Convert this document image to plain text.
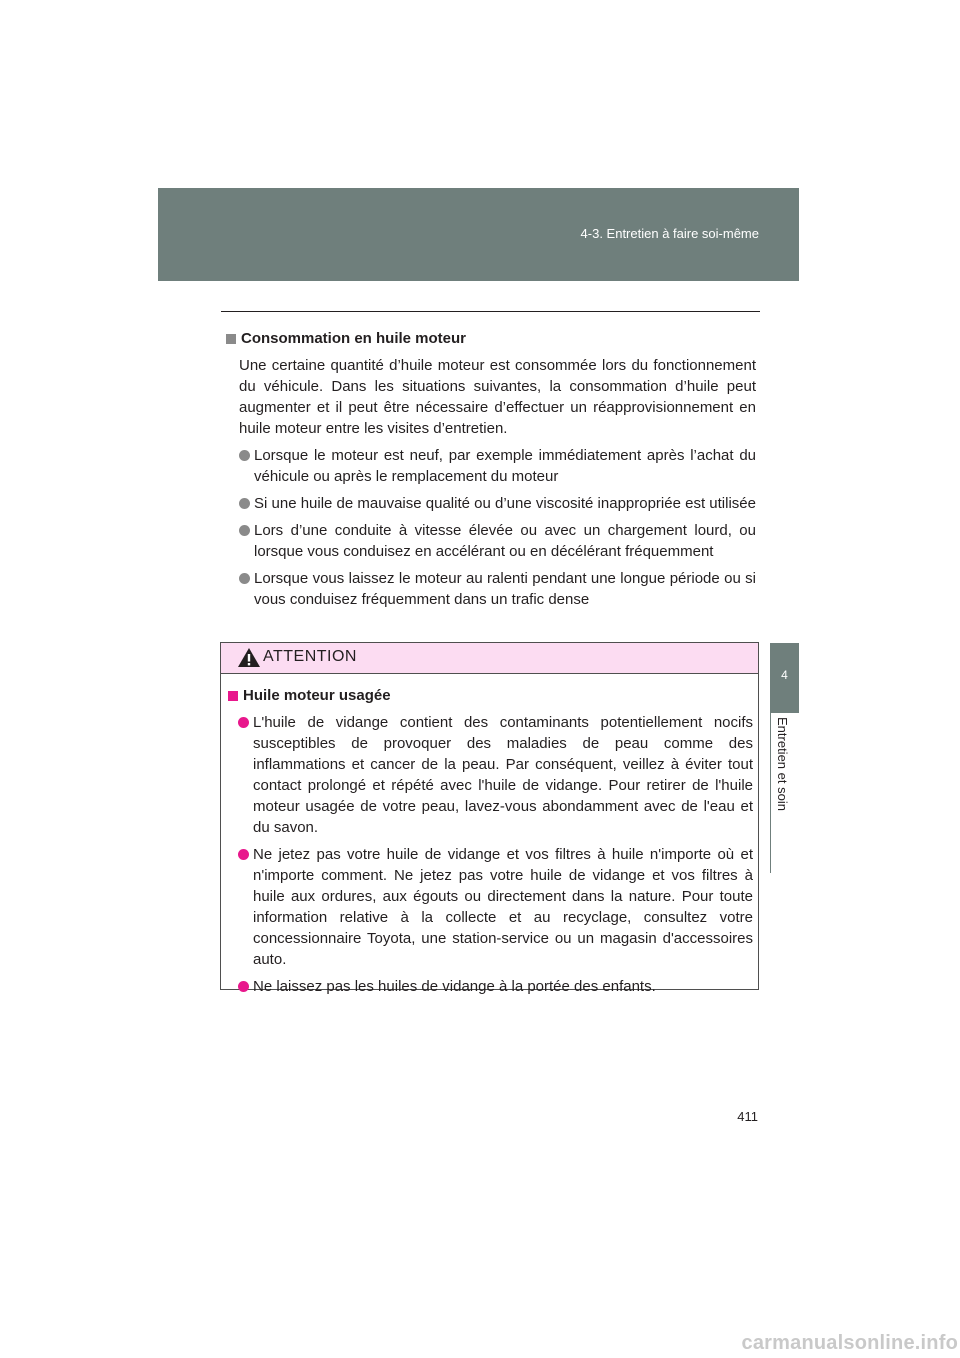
4-3. Entretien à faire soi-même
4
Entretien et soin
Consommation en huile moteur
Une certaine quantité d’huile moteur est consommée lors du fonctionnement du véhicule. Dans les situations suivantes, la consommation d’huile peut augmenter et il peut être nécessaire d’effectuer un réapprovisionnement en huile moteur entre les visites d’entretien.
Lorsque le moteur est neuf, par exemple immédiatement après l’achat du véhicule ou après le remplacement du moteur
Si une huile de mauvaise qualité ou d’une viscosité inappropriée est utilisée
Lors d’une conduite à vitesse élevée ou avec un chargement lourd, ou lorsque vous conduisez en accélérant ou en décélérant fréquemment
Lorsque vous laissez le moteur au ralenti pendant une longue période ou si vous conduisez fréquemment dans un trafic dense
ATTENTION
Huile moteur usagée
L'huile de vidange contient des contaminants potentiellement nocifs susceptibles de provoquer des maladies de peau comme des inflammations et cancer de la peau. Par conséquent, veillez à éviter tout contact prolongé et répété avec l'huile de vidange. Pour retirer de l'huile moteur usagée de votre peau, lavez-vous abondamment avec de l'eau et du savon.
Ne jetez pas votre huile de vidange et vos filtres à huile n'importe où et n'importe comment. Ne jetez pas votre huile de vidange et vos filtres à huile aux ordures, aux égouts ou directement dans la nature. Pour toute information relative à la collecte et au recyclage, consultez votre concessionnaire Toyota, une station-service ou un magasin d'accessoires auto.
Ne laissez pas les huiles de vidange à la portée des enfants.
411
carmanualsonline.info
